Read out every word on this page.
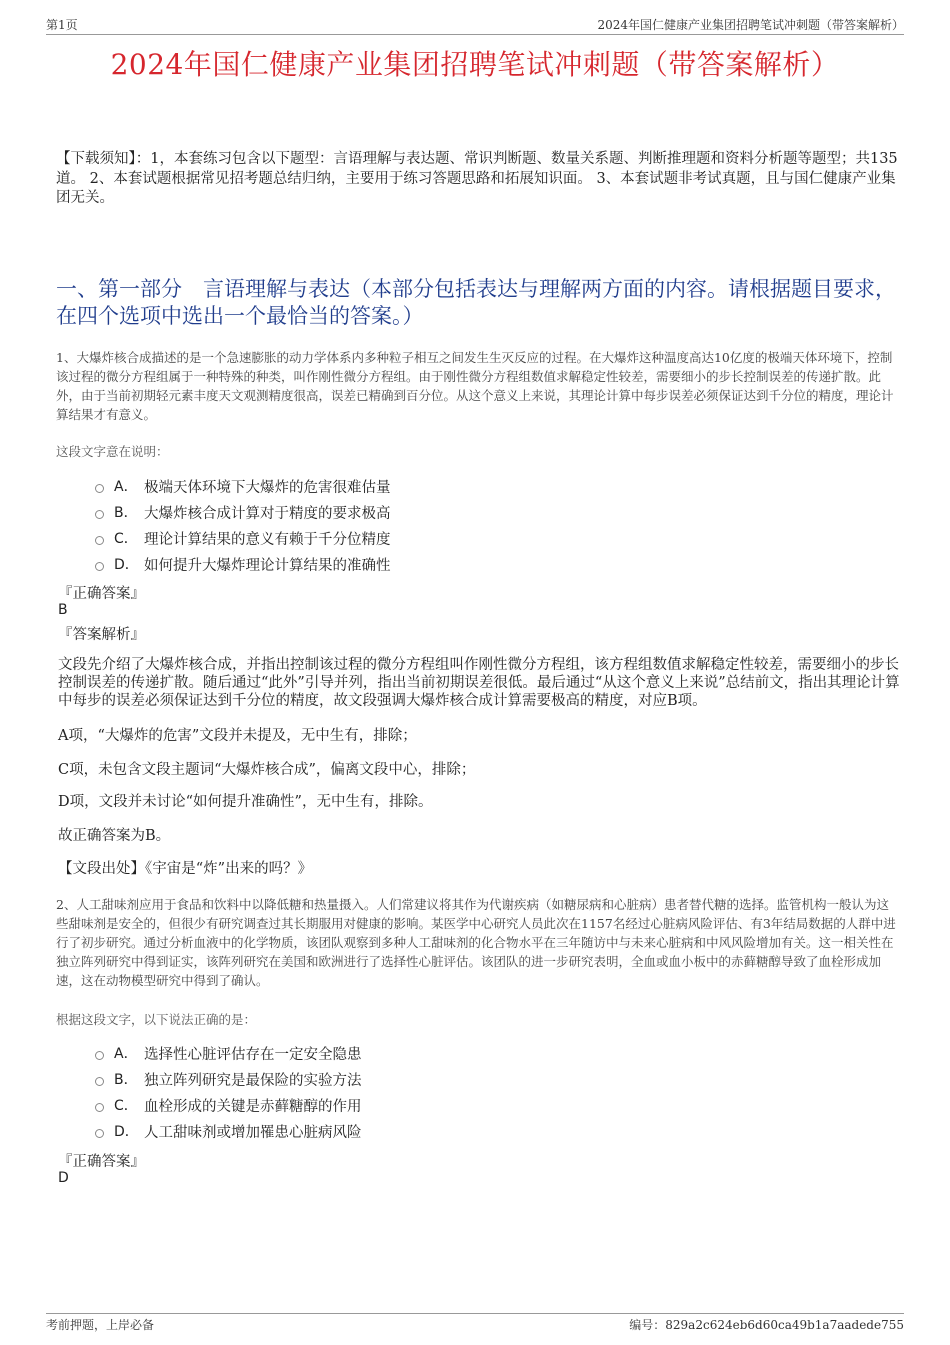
第1页	2024年国仁健康产业集团招聘笔试冲刺题（带答案解析）
2024年国仁健康产业集团招聘笔试冲刺题（带答案解析）
【下载须知】：1，本套练习包含以下题型：言语理解与表达题、常识判断题、数量关系题、判断推理题和资料分析题等题型；共135道。 2、本套试题根据常见招考题总结归纳，主要用于练习答题思路和拓展知识面。 3、本套试题非考试真题，且与国仁健康产业集团无关。
一、第一部分　言语理解与表达（本部分包括表达与理解两方面的内容。请根据题目要求，在四个选项中选出一个最恰当的答案。）
1、大爆炸核合成描述的是一个急速膨胀的动力学体系内多种粒子相互之间发生生灭反应的过程。在大爆炸这种温度高达10亿度的极端天体环境下，控制该过程的微分方程组属于一种特殊的种类，叫作刚性微分方程组。由于刚性微分方程组数值求解稳定性较差，需要细小的步长控制误差的传递扩散。此外，由于当前初期轻元素丰度天文观测精度很高，误差已精确到百分位。从这个意义上来说，其理论计算中每步误差必须保证达到千分位的精度，理论计算结果才有意义。
这段文字意在说明：
A． 极端天体环境下大爆炸的危害很难估量
B． 大爆炸核合成计算对于精度的要求极高
C． 理论计算结果的意义有赖于千分位精度
D． 如何提升大爆炸理论计算结果的准确性
『正确答案』
B
『答案解析』
文段先介绍了大爆炸核合成，并指出控制该过程的微分方程组叫作刚性微分方程组，该方程组数值求解稳定性较差，需要细小的步长控制误差的传递扩散。随后通过“此外”引导并列，指出当前初期误差很低。最后通过“从这个意义上来说”总结前文，指出其理论计算中每步的误差必须保证达到千分位的精度，故文段强调大爆炸核合成计算需要极高的精度，对应B项。
A项，“大爆炸的危害”文段并未提及，无中生有，排除；
C项，未包含文段主题词“大爆炸核合成”，偏离文段中心，排除；
D项，文段并未讨论“如何提升准确性”，无中生有，排除。
故正确答案为B。
【文段出处】《宇宙是“炸”出来的吗？》
2、人工甜味剂应用于食品和饮料中以降低糖和热量摄入。人们常建议将其作为代谢疾病（如糖尿病和心脏病）患者替代糖的选择。监管机构一般认为这些甜味剂是安全的，但很少有研究调查过其长期服用对健康的影响。某医学中心研究人员此次在1157名经过心脏病风险评估、有3年结局数据的人群中进行了初步研究。通过分析血液中的化学物质，该团队观察到多种人工甜味剂的化合物水平在三年随访中与未来心脏病和中风风险增加有关。这一相关性在独立阵列研究中得到证实，该阵列研究在美国和欧洲进行了选择性心脏评估。该团队的进一步研究表明，全血或血小板中的赤藓糖醇导致了血栓形成加速，这在动物模型研究中得到了确认。
根据这段文字，以下说法正确的是：
A． 选择性心脏评估存在一定安全隐患
B． 独立阵列研究是最保险的实验方法
C． 血栓形成的关键是赤藓糖醇的作用
D． 人工甜味剂或增加罹患心脏病风险
『正确答案』
D
考前押题，上岸必备	编号：829a2c624eb6d60ca49b1a7aadede755
